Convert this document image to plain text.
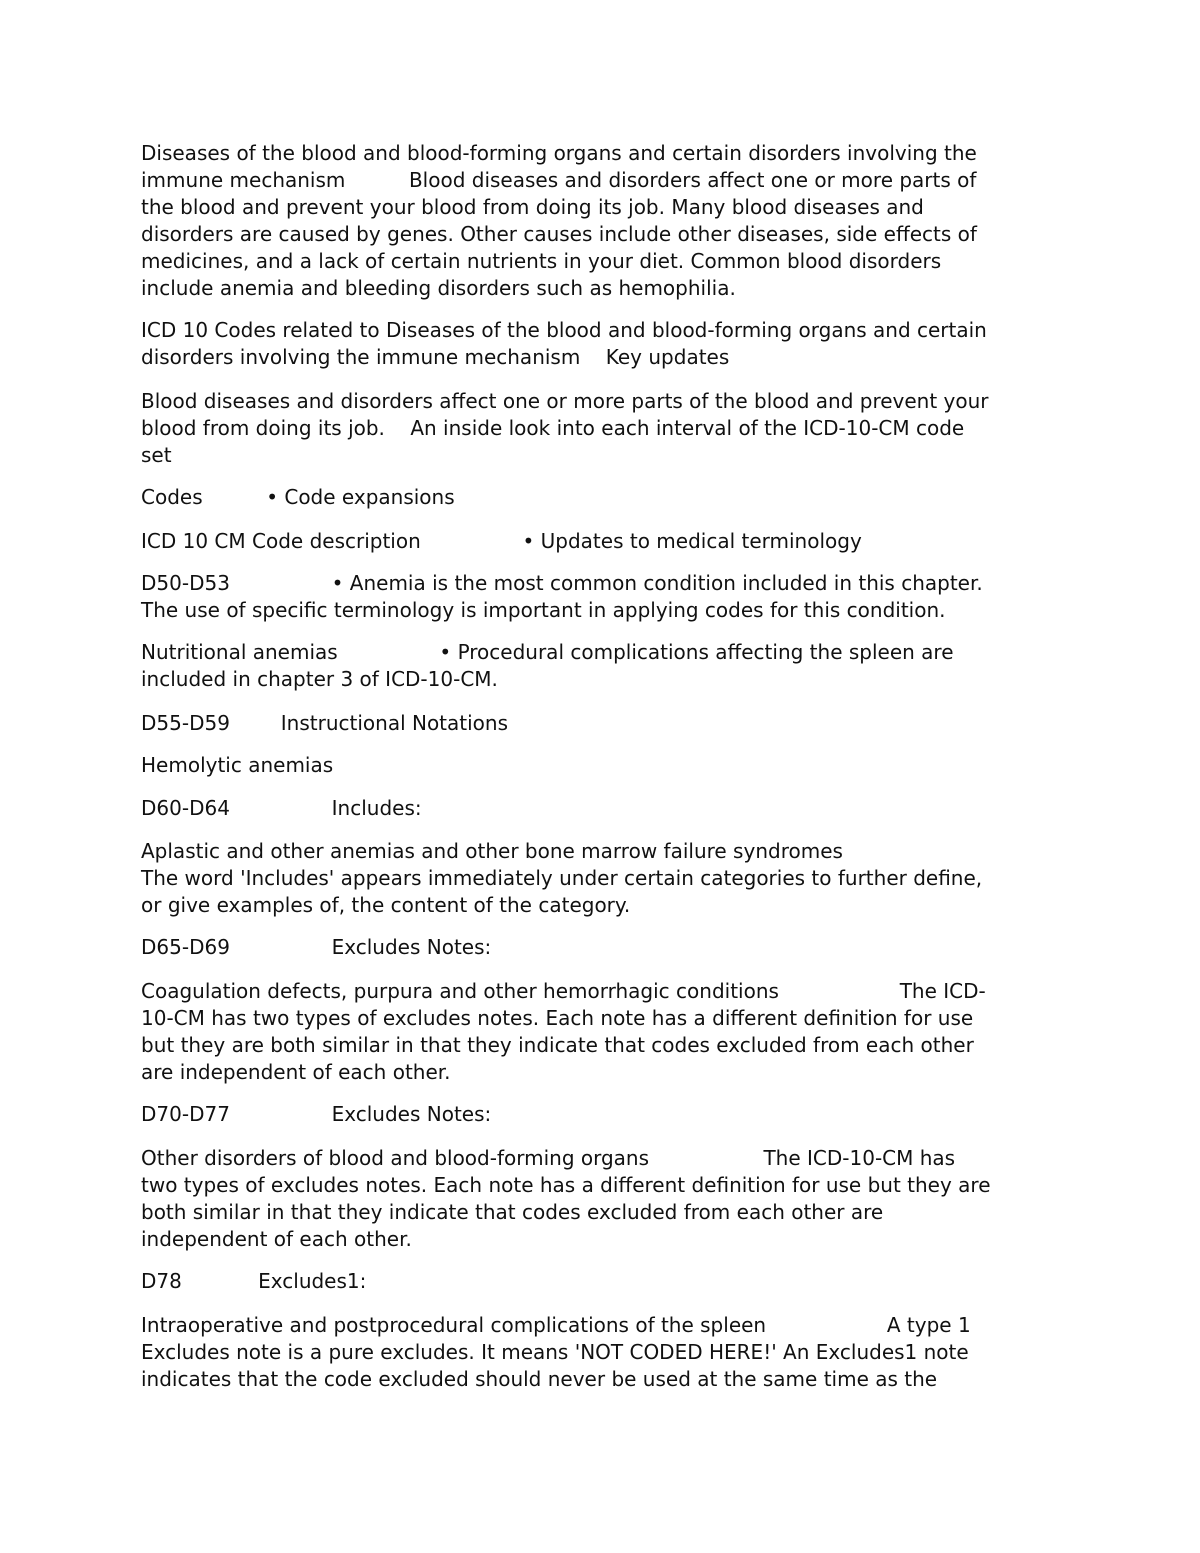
Diseases of the blood and blood-forming organs and certain disorders involving the
immune mechanism          Blood diseases and disorders affect one or more parts of
the blood and prevent your blood from doing its job. Many blood diseases and
disorders are caused by genes. Other causes include other diseases, side effects of
medicines, and a lack of certain nutrients in your diet. Common blood disorders
include anemia and bleeding disorders such as hemophilia.
ICD 10 Codes related to Diseases of the blood and blood-forming organs and certain
disorders involving the immune mechanism    Key updates
Blood diseases and disorders affect one or more parts of the blood and prevent your
blood from doing its job.    An inside look into each interval of the ICD-10-CM code
set
Codes          • Code expansions
ICD 10 CM Code description                • Updates to medical terminology
D50-D53                • Anemia is the most common condition included in this chapter.
The use of specific terminology is important in applying codes for this condition.
Nutritional anemias                • Procedural complications affecting the spleen are
included in chapter 3 of ICD-10-CM.
D55-D59        Instructional Notations
Hemolytic anemias
D60-D64                Includes:
Aplastic and other anemias and other bone marrow failure syndromes
The word 'Includes' appears immediately under certain categories to further define,
or give examples of, the content of the category.
D65-D69                Excludes Notes:
Coagulation defects, purpura and other hemorrhagic conditions                   The ICD-
10-CM has two types of excludes notes. Each note has a different definition for use
but they are both similar in that they indicate that codes excluded from each other
are independent of each other.
D70-D77                Excludes Notes:
Other disorders of blood and blood-forming organs                  The ICD-10-CM has
two types of excludes notes. Each note has a different definition for use but they are
both similar in that they indicate that codes excluded from each other are
independent of each other.
D78            Excludes1:
Intraoperative and postprocedural complications of the spleen                   A type 1
Excludes note is a pure excludes. It means 'NOT CODED HERE!' An Excludes1 note
indicates that the code excluded should never be used at the same time as the
